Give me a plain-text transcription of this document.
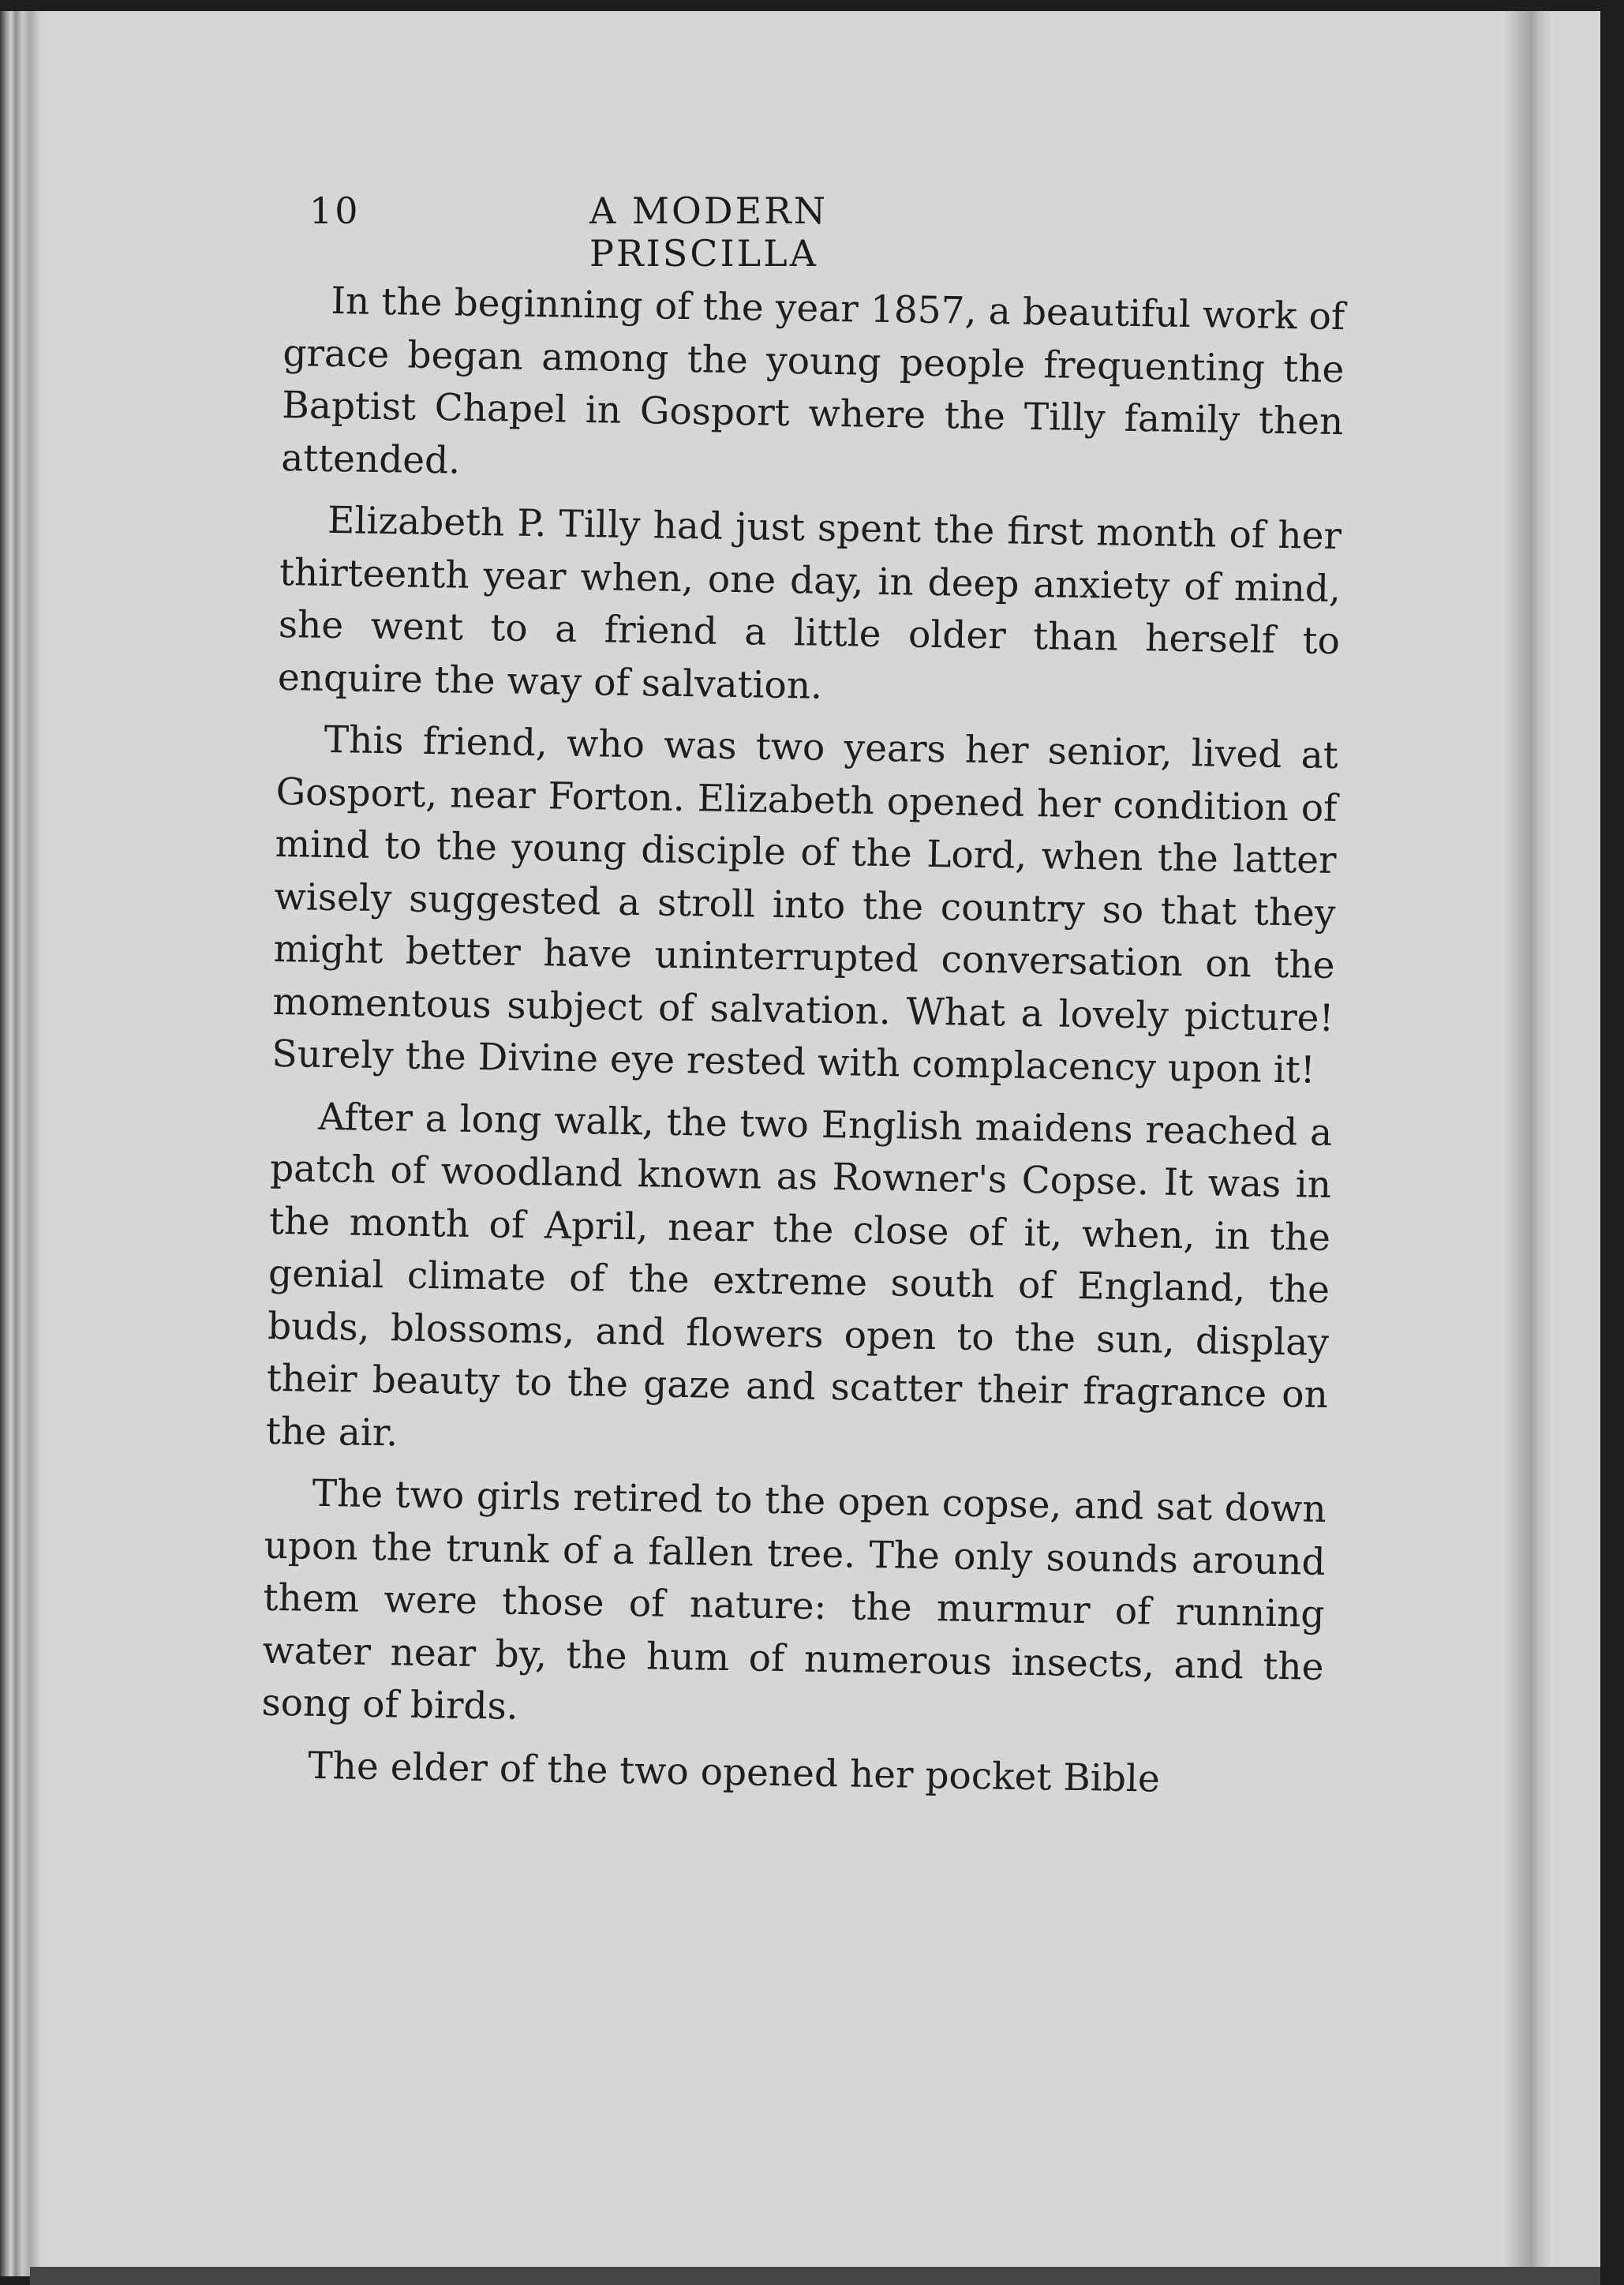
10	A MODERN PRISCILLA

In the beginning of the year 1857, a beautiful work of grace began among the young people frequenting the Baptist Chapel in Gosport where the Tilly family then attended.

Elizabeth P. Tilly had just spent the first month of her thirteenth year when, one day, in deep anxiety of mind, she went to a friend a little older than herself to enquire the way of salvation.

This friend, who was two years her senior, lived at Gosport, near Forton. Elizabeth opened her condition of mind to the young disciple of the Lord, when the latter wisely suggested a stroll into the country so that they might better have uninterrupted conversation on the momentous subject of salvation. What a lovely picture! Surely the Divine eye rested with complacency upon it!

After a long walk, the two English maidens reached a patch of woodland known as Rowner's Copse. It was in the month of April, near the close of it, when, in the genial climate of the extreme south of England, the buds, blossoms, and flowers open to the sun, display their beauty to the gaze and scatter their fragrance on the air.

The two girls retired to the open copse, and sat down upon the trunk of a fallen tree. The only sounds around them were those of nature: the murmur of running water near by, the hum of numerous insects, and the song of birds.

The elder of the two opened her pocket Bible
